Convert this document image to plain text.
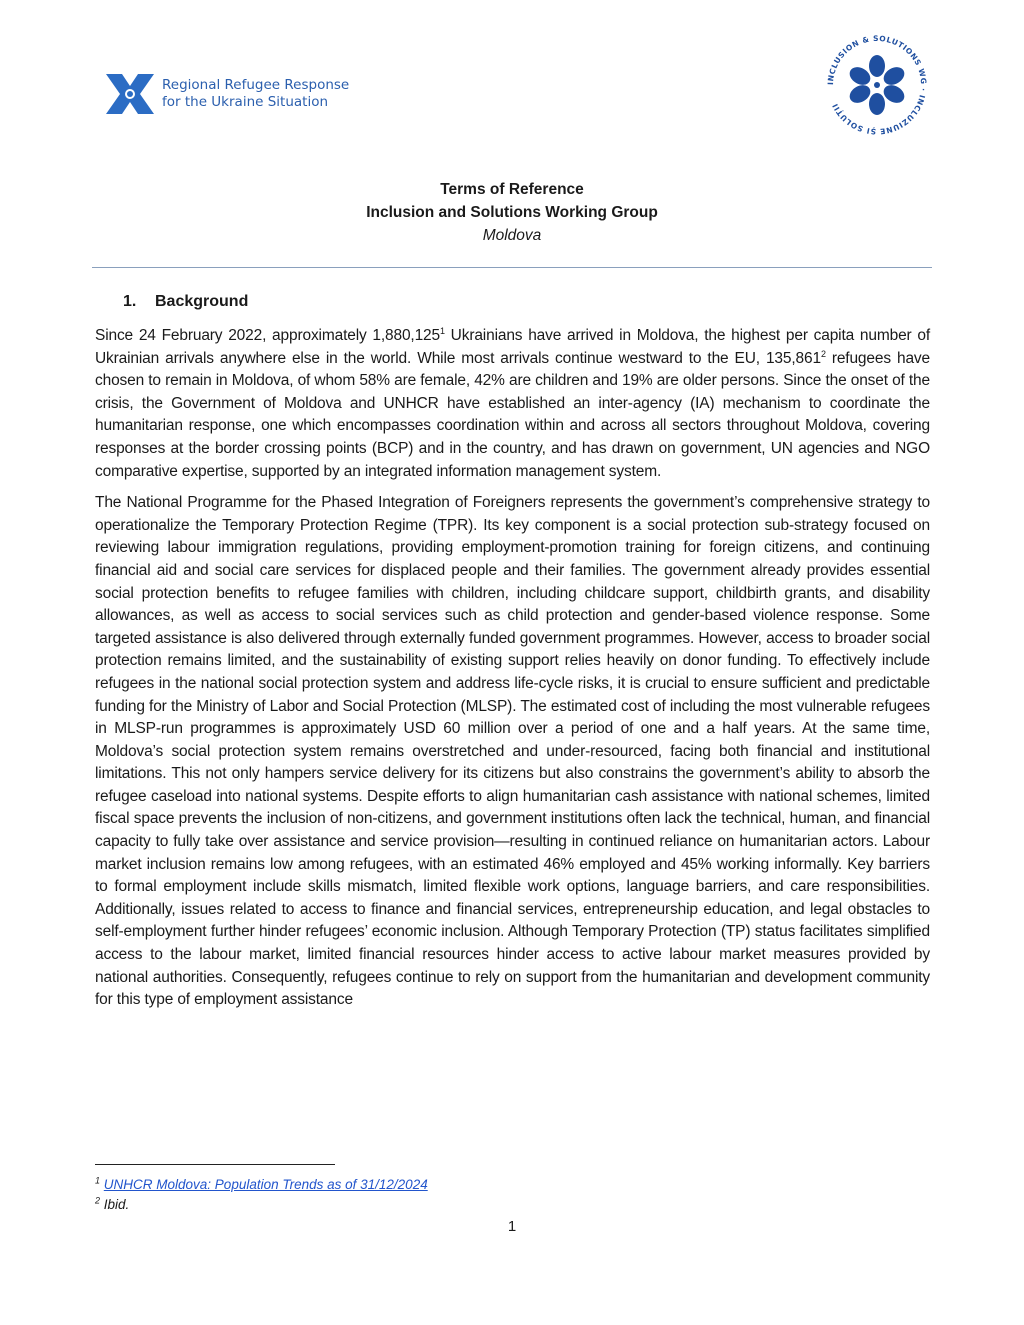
Regional Refugee Response
for the Ukraine Situation
INCLUSION & SOLUTIONS WG · INCLUZIUNE ȘI SOLUȚII
Terms of Reference
Inclusion and Solutions Working Group
Moldova
1. Background

Since 24 February 2022, approximately 1,880,125$^1$ Ukrainians have arrived in Moldova, the highest per capita number of Ukrainian arrivals anywhere else in the world. While most arrivals continue westward to the EU, 135,861$^2$ refugees have chosen to remain in Moldova, of whom 58% are female, 42% are children and 19% are older persons. Since the onset of the crisis, the Government of Moldova and UNHCR have established an inter-agency (IA) mechanism to coordinate the humanitarian response, one which encompasses coordination within and across all sectors throughout Moldova, covering responses at the border crossing points (BCP) and in the country, and has drawn on government, UN agencies and NGO comparative expertise, supported by an integrated information management system.

The National Programme for the Phased Integration of Foreigners represents the government’s comprehensive strategy to operationalize the Temporary Protection Regime (TPR). Its key component is a social protection sub-strategy focused on reviewing labour immigration regulations, providing employment-promotion training for foreign citizens, and continuing financial aid and social care services for displaced people and their families. The government already provides essential social protection benefits to refugee families with children, including childcare support, childbirth grants, and disability allowances, as well as access to social services such as child protection and gender-based violence response. Some targeted assistance is also delivered through externally funded government programmes. However, access to broader social protection remains limited, and the sustainability of existing support relies heavily on donor funding. To effectively include refugees in the national social protection system and address life-cycle risks, it is crucial to ensure sufficient and predictable funding for the Ministry of Labor and Social Protection (MLSP). The estimated cost of including the most vulnerable refugees in MLSP-run programmes is approximately USD 60 million over a period of one and a half years. At the same time, Moldova’s social protection system remains overstretched and under-resourced, facing both financial and institutional limitations. This not only hampers service delivery for its citizens but also constrains the government’s ability to absorb the refugee caseload into national systems. Despite efforts to align humanitarian cash assistance with national schemes, limited fiscal space prevents the inclusion of non-citizens, and government institutions often lack the technical, human, and financial capacity to fully take over assistance and service provision—resulting in continued reliance on humanitarian actors. Labour market inclusion remains low among refugees, with an estimated 46% employed and 45% working informally. Key barriers to formal employment include skills mismatch, limited flexible work options, language barriers, and care responsibilities. Additionally, issues related to access to finance and financial services, entrepreneurship education, and legal obstacles to self-employment further hinder refugees’ economic inclusion. Although Temporary Protection (TP) status facilitates simplified access to the labour market, limited financial resources hinder access to active labour market measures provided by national authorities. Consequently, refugees continue to rely on support from the humanitarian and development community for this type of employment assistance

$^1$ UNHCR Moldova: Population Trends as of 31/12/2024
$^2$ Ibid.
1
